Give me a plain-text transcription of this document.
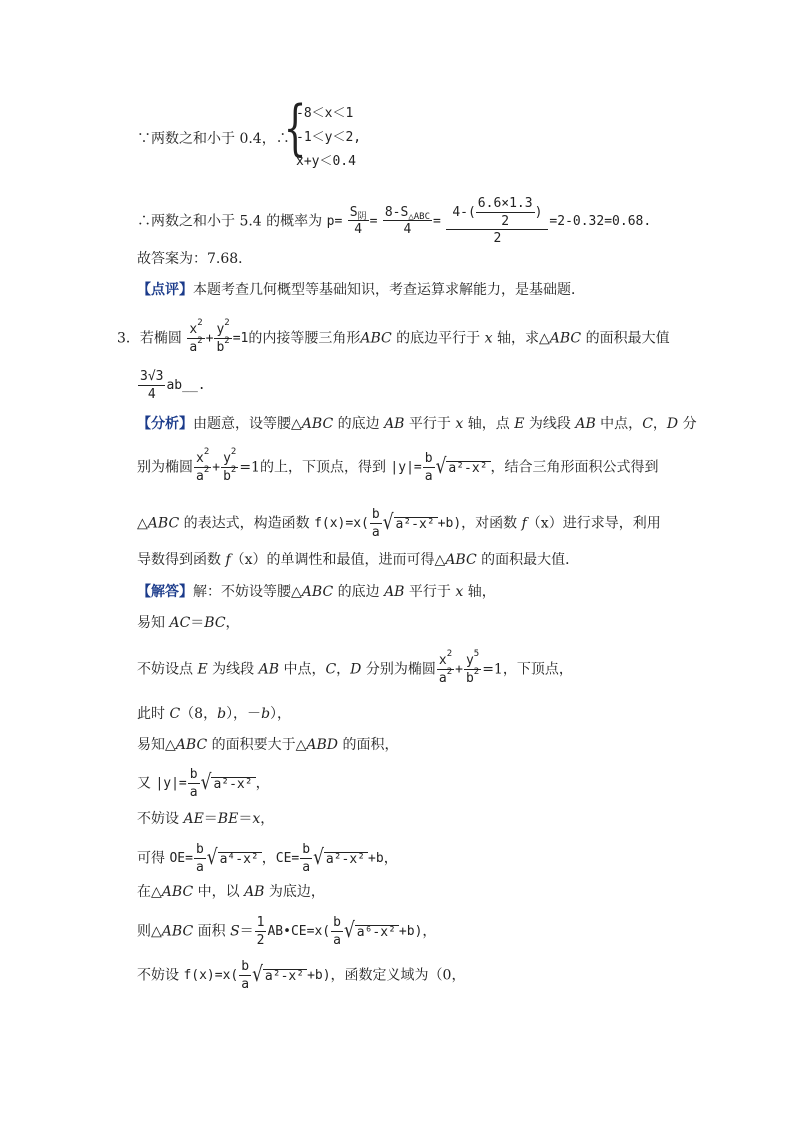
∵两数之和小于 0.4，∴
{
-8＜x＜1
-1＜y＜2,
x+y＜0.4
∴两数之和小于 5.4 的概率为 $p= \frac{S_阴}{4} = \frac{8-S_{\triangle ABC}}{4} = \frac{4-( \frac{6.6\times 1.3}{2} )}{2} =2-0.32=0.68$.
故答案为：7.68．
【点评】本题考查几何概型等基础知识，考查运算求解能力，是基础题．
3．若椭圆 $\frac{x^2}{a^2} + \frac{y^2}{b^2} =1$的内接等腰三角形ABC 的底边平行于 x 轴，求△ABC 的面积最大值
$\frac{3√3}{4}$ ab__.
【分析】由题意，设等腰△ABC 的底边 AB 平行于 x 轴，点 E 为线段 AB 中点，C，D 分
别为椭圆 $\frac{x^2}{a^2} + \frac{y^2}{b^2} =1$的上，下顶点，得到 $|y|= \frac{b}{a}$ √ a²-x² ，结合三角形面积公式得到
△ABC 的表达式，构造函数 $f(x)=x( \frac{b}{a}$ √ a²-x² +b)，对函数 f（x）进行求导，利用
导数得到函数 f（x）的单调性和最值，进而可得△ABC 的面积最大值．
【解答】解：不妨设等腰△ABC 的底边 AB 平行于 x 轴，
易知 AC＝BC，
不妨设点 E 为线段 AB 中点，C，D 分别为椭圆 $\frac{x^2}{a^2} + \frac{y^5}{b^2} =1$，下顶点，
此时 C（8，b），－b），
易知△ABC 的面积要大于△ABD 的面积，
又 $|y|= \frac{b}{a}$ √ a²-x² ，
不妨设 AE＝BE＝x，
可得 $OE= \frac{b}{a}$ √ a⁴-x² ，$CE= \frac{b}{a}$ √ a²-x² +b，
在△ABC 中，以 AB 为底边，
则△ABC 面积 $S= \frac{1}{2}$ AB•CE=x( $\frac{b}{a}$ √ a⁶-x² +b)，
不妨设 $f(x)=x( \frac{b}{a}$ √ a²-x² +b)，函数定义域为（0，
